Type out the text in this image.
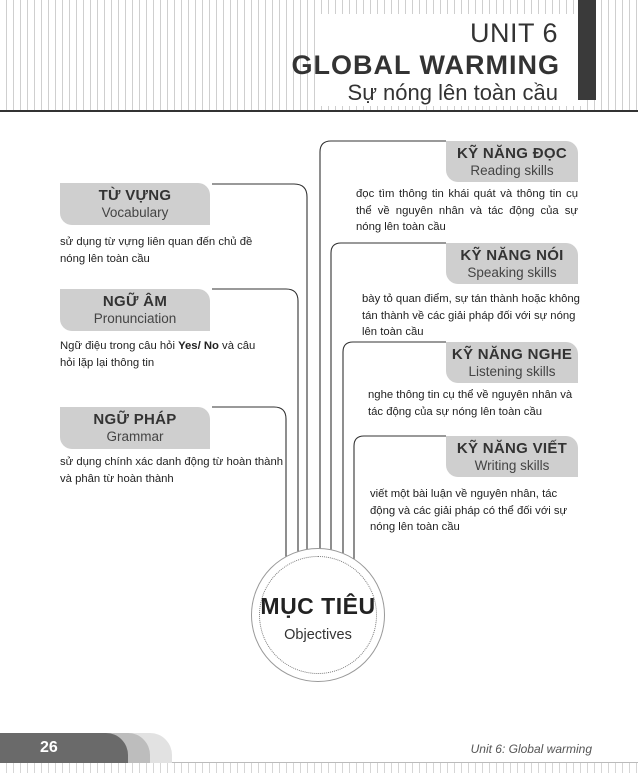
UNIT 6
GLOBAL WARMING
Sự nóng lên toàn cầu
TỪ VỰNG
Vocabulary
sử dụng từ vựng liên quan đến chủ đề nóng lên toàn cầu
NGỮ ÂM
Pronunciation
Ngữ điệu trong câu hỏi Yes/ No và câu hỏi lặp lại thông tin
NGỮ PHÁP
Grammar
sử dụng chính xác danh động từ hoàn thành và phân từ hoàn thành
KỸ NĂNG ĐỌC
Reading skills
đọc tìm thông tin khái quát và thông tin cụ thể về nguyên nhân và tác động của sự nóng lên toàn cầu
KỸ NĂNG NÓI
Speaking skills
bày tỏ quan điểm, sự tán thành hoặc không tán thành về các giải pháp đối với sự nóng lên toàn cầu
KỸ NĂNG NGHE
Listening skills
nghe thông tin cụ thể về nguyên nhân và tác động của sự nóng lên toàn cầu
KỸ NĂNG VIẾT
Writing skills
viết một bài luận về nguyên nhân, tác động và các giải pháp có thể đối với sự nóng lên toàn cầu
MỤC TIÊU
Objectives
26	Unit 6: Global warming
